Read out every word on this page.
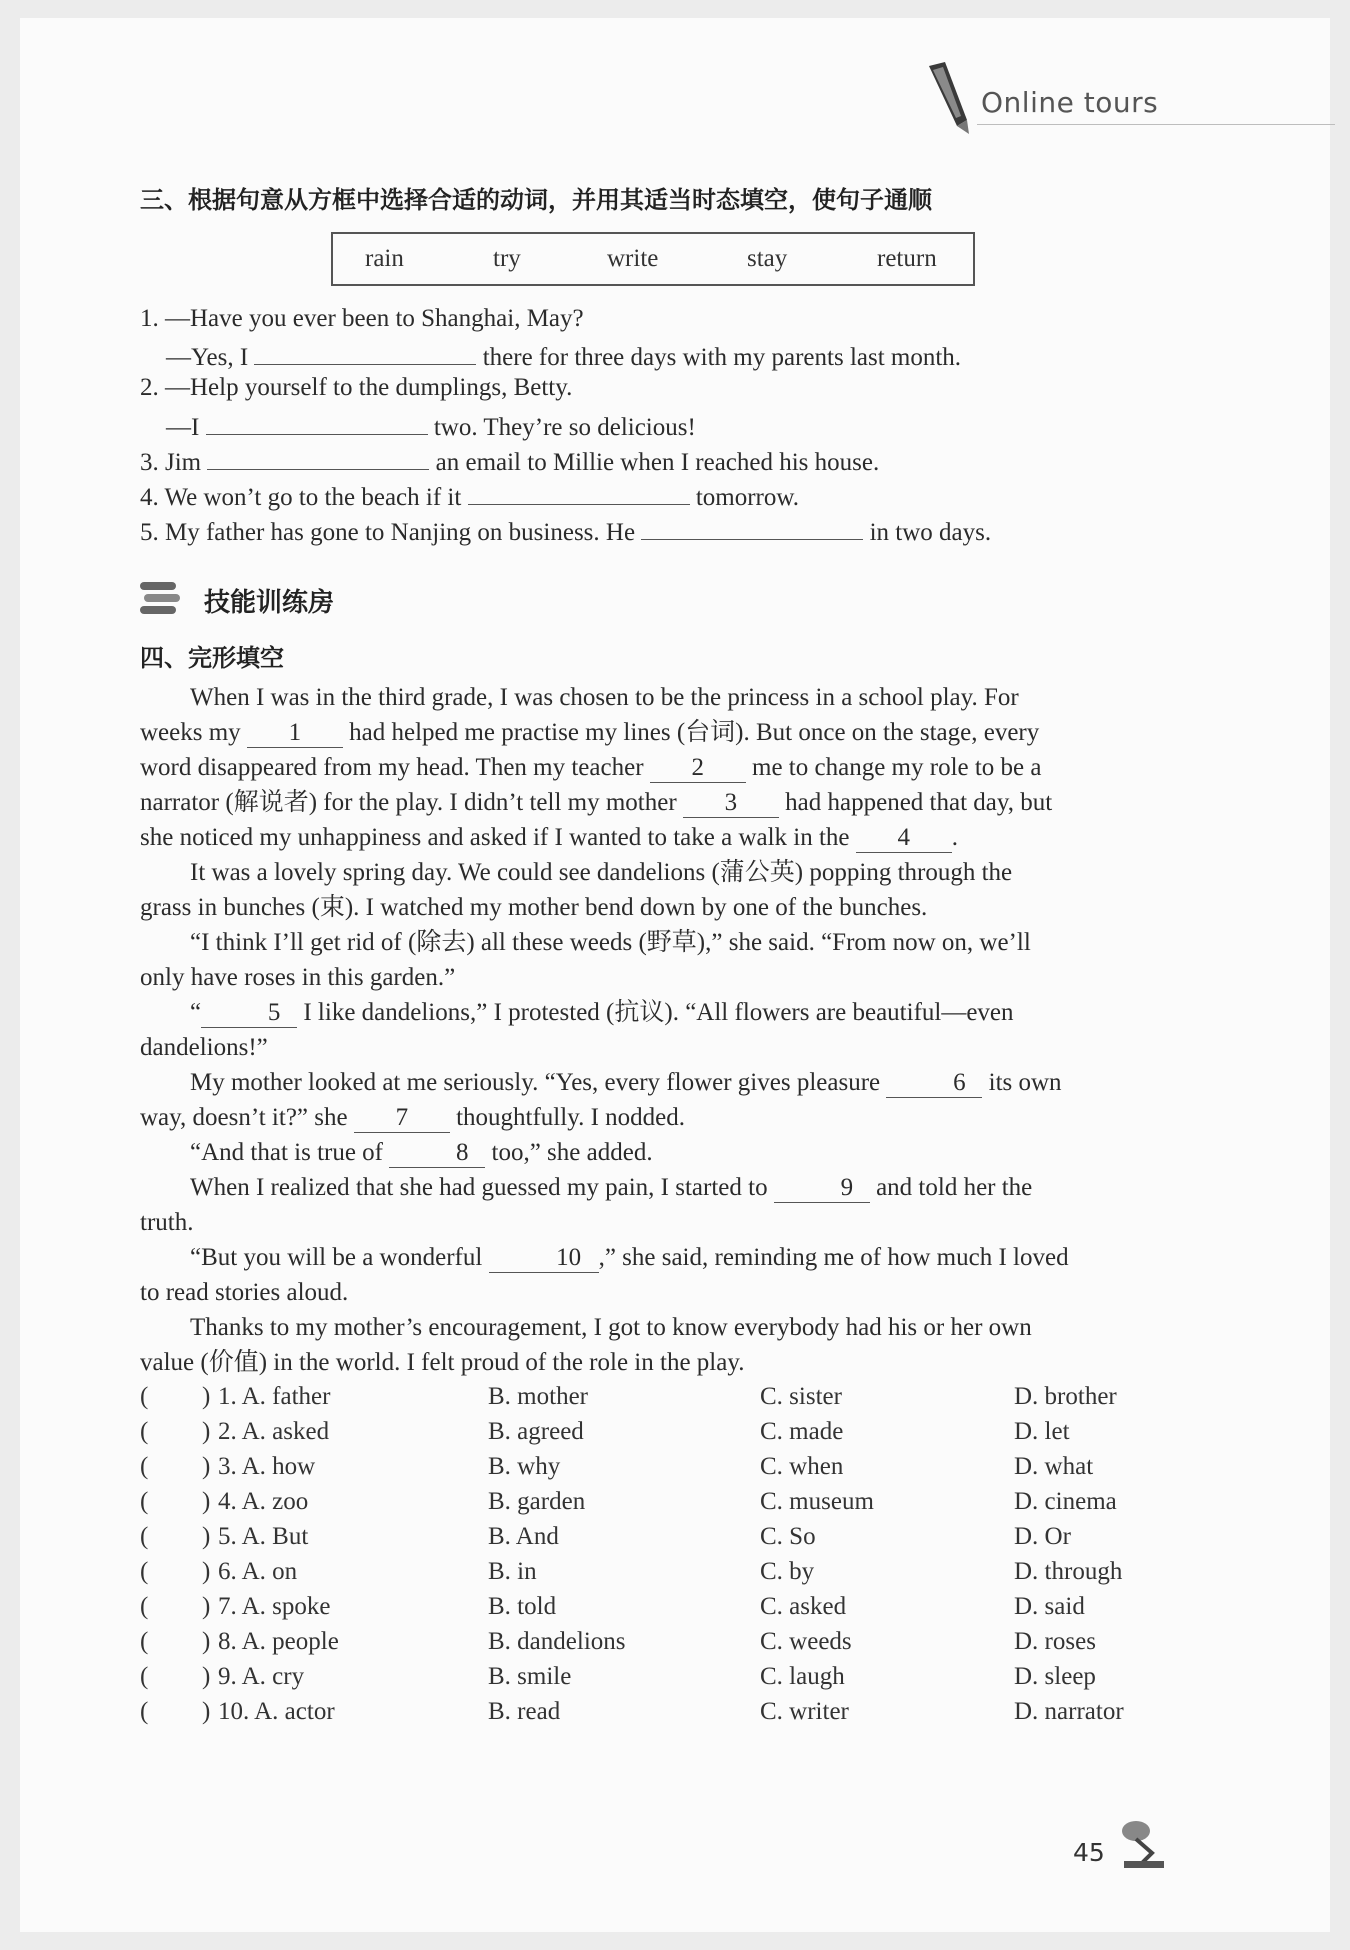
Online tours
三、根据句意从方框中选择合适的动词，并用其适当时态填空，使句子通顺
rain	try	write	stay	return
1. —Have you ever been to Shanghai, May?
—Yes, I	there for three days with my parents last month.
2. —Help yourself to the dumplings, Betty.
—I	two. They’re so delicious!
3. Jim	an email to Millie when I reached his house.
4. We won’t go to the beach if it	tomorrow.
5. My father has gone to Nanjing on business. He	in two days.
技能训练房
四、完形填空
When I was in the third grade, I was chosen to be the princess in a school play. For
weeks my 1 had helped me practise my lines (台词). But once on the stage, every
word disappeared from my head. Then my teacher 2 me to change my role to be a
narrator (解说者) for the play. I didn’t tell my mother 3 had happened that day, but
she noticed my unhappiness and asked if I wanted to take a walk in the 4 .
It was a lovely spring day. We could see dandelions (蒲公英) popping through the
grass in bunches (束). I watched my mother bend down by one of the bunches.
“I think I’ll get rid of (除去) all these weeds (野草),” she said. “From now on, we’ll
only have roses in this garden.”
“	5 I like dandelions,” I protested (抗议). “All flowers are beautiful—even
dandelions!”
My mother looked at me seriously. “Yes, every flower gives pleasure	6 its own
way, doesn’t it?” she 7 thoughtfully. I nodded.
“And that is true of	8 too,” she added.
When I realized that she had guessed my pain, I started to	9 and told her the
truth.
“But you will be a wonderful	10 ,” she said, reminding me of how much I loved
to read stories aloud.
Thanks to my mother’s encouragement, I got to know everybody had his or her own
value (价值) in the world. I felt proud of the role in the play.
( ) 1. A. father	B. mother	C. sister	D. brother
( ) 2. A. asked	B. agreed	C. made	D. let
( ) 3. A. how	B. why	C. when	D. what
( ) 4. A. zoo	B. garden	C. museum	D. cinema
( ) 5. A. But	B. And	C. So	D. Or
( ) 6. A. on	B. in	C. by	D. through
( ) 7. A. spoke	B. told	C. asked	D. said
( ) 8. A. people	B. dandelions	C. weeds	D. roses
( ) 9. A. cry	B. smile	C. laugh	D. sleep
( ) 10. A. actor	B. read	C. writer	D. narrator
45
